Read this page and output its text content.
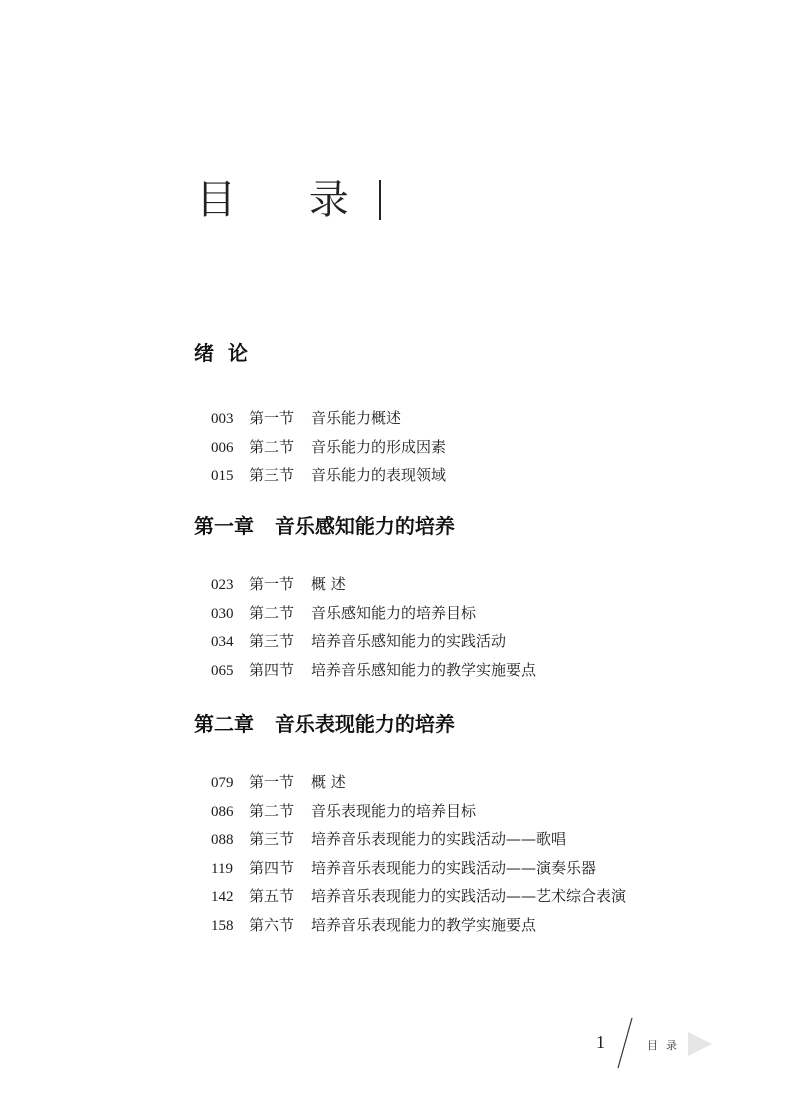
目 录
绪  论
003 第一节 音乐能力概述
006 第二节 音乐能力的形成因素
015 第三节 音乐能力的表现领域
第一章   音乐感知能力的培养
023 第一节 概 述
030 第二节 音乐感知能力的培养目标
034 第三节 培养音乐感知能力的实践活动
065 第四节 培养音乐感知能力的教学实施要点
第二章   音乐表现能力的培养
079 第一节 概 述
086 第二节 音乐表现能力的培养目标
088 第三节 培养音乐表现能力的实践活动——歌唱
119 第四节 培养音乐表现能力的实践活动——演奏乐器
142 第五节 培养音乐表现能力的实践活动——艺术综合表演
158 第六节 培养音乐表现能力的教学实施要点
1	目录
